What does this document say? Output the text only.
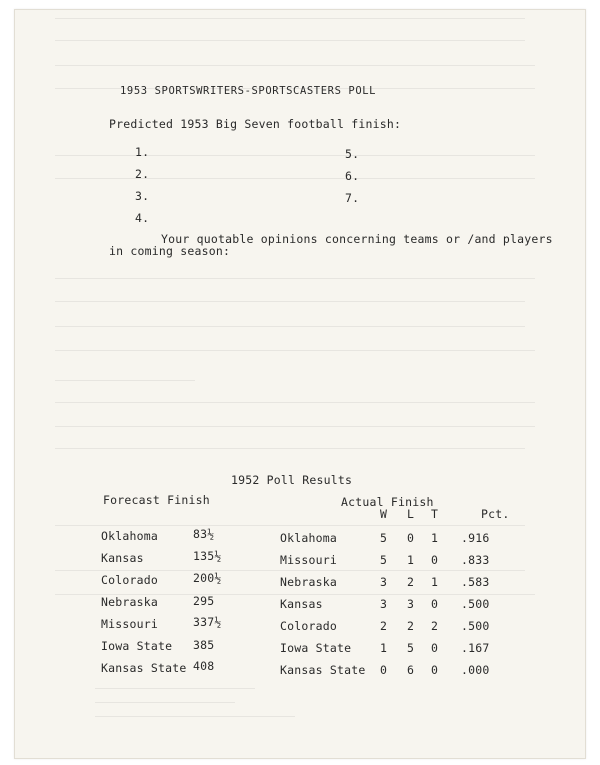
1953 SPORTSWRITERS-SPORTSCASTERS POLL
Predicted 1953 Big Seven football finish:
1.
2.
3.
4.
5.
6.
7.
Your quotable opinions concerning teams or /and players
in coming season:
1952 Poll Results
Forecast Finish	Actual Finish
W L T	Pct.
Oklahoma	83½
Kansas	135½
Colorado	200½
Nebraska	295
Missouri	337½
Iowa State 385
Kansas State 408
Oklahoma	5 0 1 .916
Missouri	5 1 0 .833
Nebraska	3 2 1 .583
Kansas	3 3 0 .500
Colorado	2 2 2 .500
Iowa State	1 5 0 .167
Kansas State 0 6 0 .000
